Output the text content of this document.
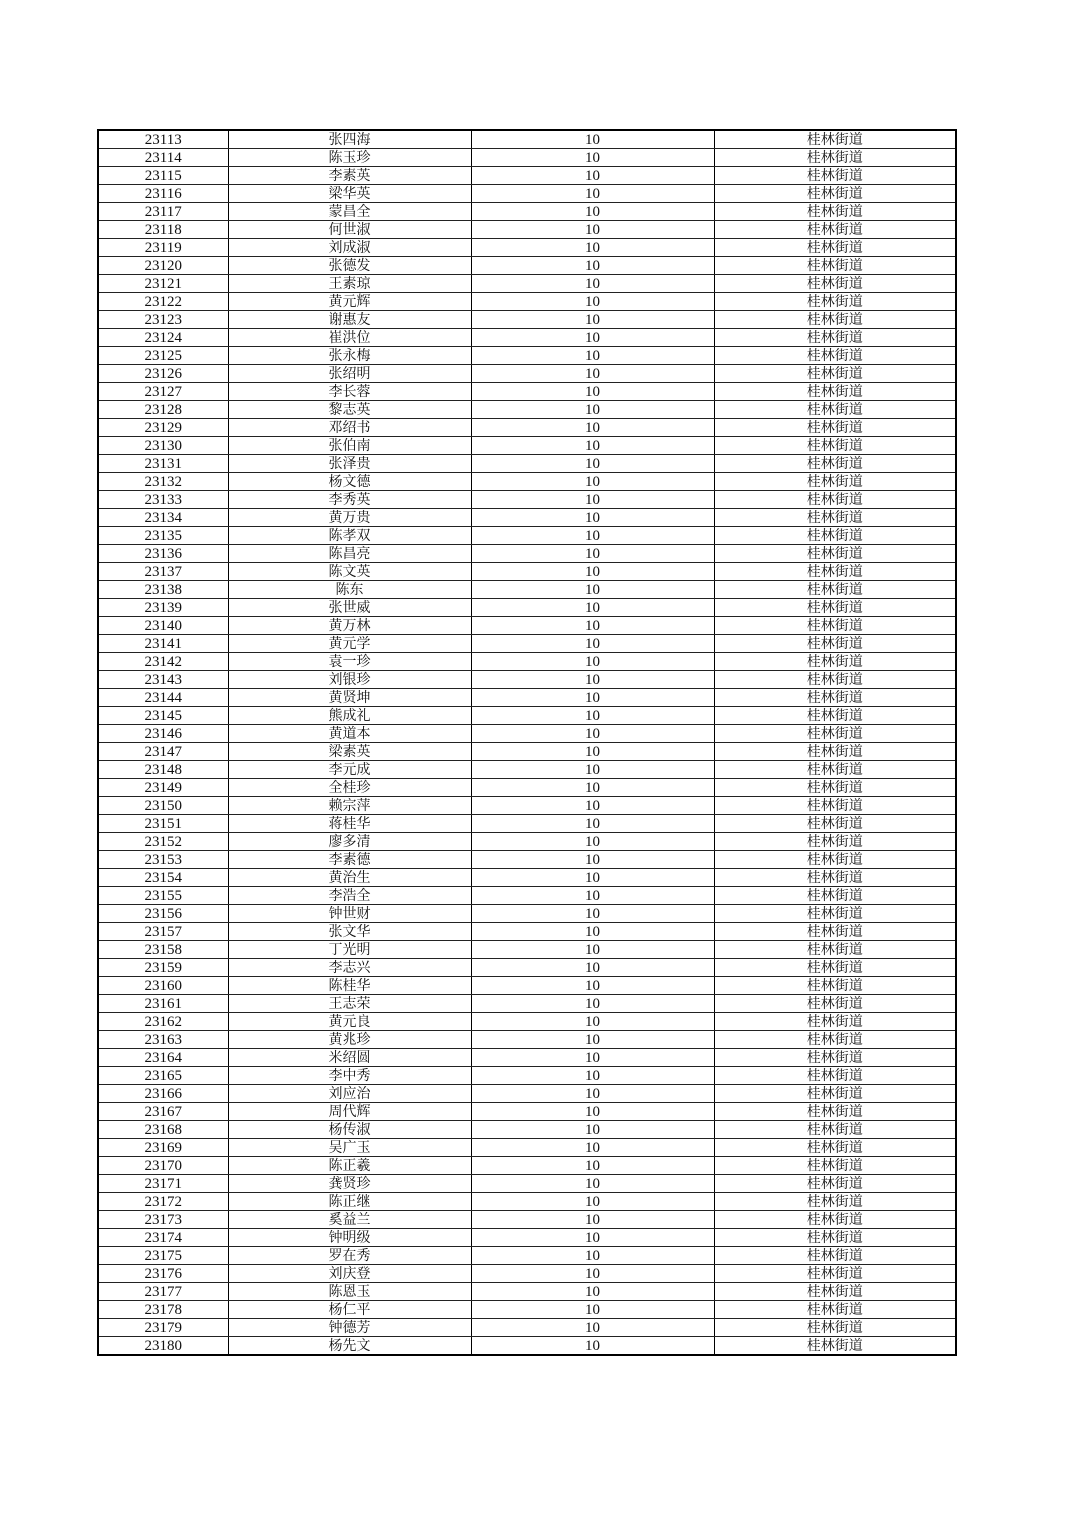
23113	张四海	10	桂林街道
23114	陈玉珍	10	桂林街道
23115	李素英	10	桂林街道
23116	梁华英	10	桂林街道
23117	蒙昌全	10	桂林街道
23118	何世淑	10	桂林街道
23119	刘成淑	10	桂林街道
23120	张德发	10	桂林街道
23121	王素琼	10	桂林街道
23122	黄元辉	10	桂林街道
23123	谢惠友	10	桂林街道
23124	崔洪位	10	桂林街道
23125	张永梅	10	桂林街道
23126	张绍明	10	桂林街道
23127	李长蓉	10	桂林街道
23128	黎志英	10	桂林街道
23129	邓绍书	10	桂林街道
23130	张伯南	10	桂林街道
23131	张泽贵	10	桂林街道
23132	杨文德	10	桂林街道
23133	李秀英	10	桂林街道
23134	黄万贵	10	桂林街道
23135	陈孝双	10	桂林街道
23136	陈昌亮	10	桂林街道
23137	陈文英	10	桂林街道
23138	陈东	10	桂林街道
23139	张世威	10	桂林街道
23140	黄万林	10	桂林街道
23141	黄元学	10	桂林街道
23142	袁一珍	10	桂林街道
23143	刘银珍	10	桂林街道
23144	黄贤坤	10	桂林街道
23145	熊成礼	10	桂林街道
23146	黄道本	10	桂林街道
23147	梁素英	10	桂林街道
23148	李元成	10	桂林街道
23149	全桂珍	10	桂林街道
23150	赖宗萍	10	桂林街道
23151	蒋桂华	10	桂林街道
23152	廖多清	10	桂林街道
23153	李素德	10	桂林街道
23154	黄治生	10	桂林街道
23155	李浩全	10	桂林街道
23156	钟世财	10	桂林街道
23157	张文华	10	桂林街道
23158	丁光明	10	桂林街道
23159	李志兴	10	桂林街道
23160	陈桂华	10	桂林街道
23161	王志荣	10	桂林街道
23162	黄元良	10	桂林街道
23163	黄兆珍	10	桂林街道
23164	米绍圆	10	桂林街道
23165	李中秀	10	桂林街道
23166	刘应治	10	桂林街道
23167	周代辉	10	桂林街道
23168	杨传淑	10	桂林街道
23169	吴广玉	10	桂林街道
23170	陈正羲	10	桂林街道
23171	龚贤珍	10	桂林街道
23172	陈正继	10	桂林街道
23173	奚益兰	10	桂林街道
23174	钟明级	10	桂林街道
23175	罗在秀	10	桂林街道
23176	刘庆登	10	桂林街道
23177	陈恩玉	10	桂林街道
23178	杨仁平	10	桂林街道
23179	钟德芳	10	桂林街道
23180	杨先文	10	桂林街道
